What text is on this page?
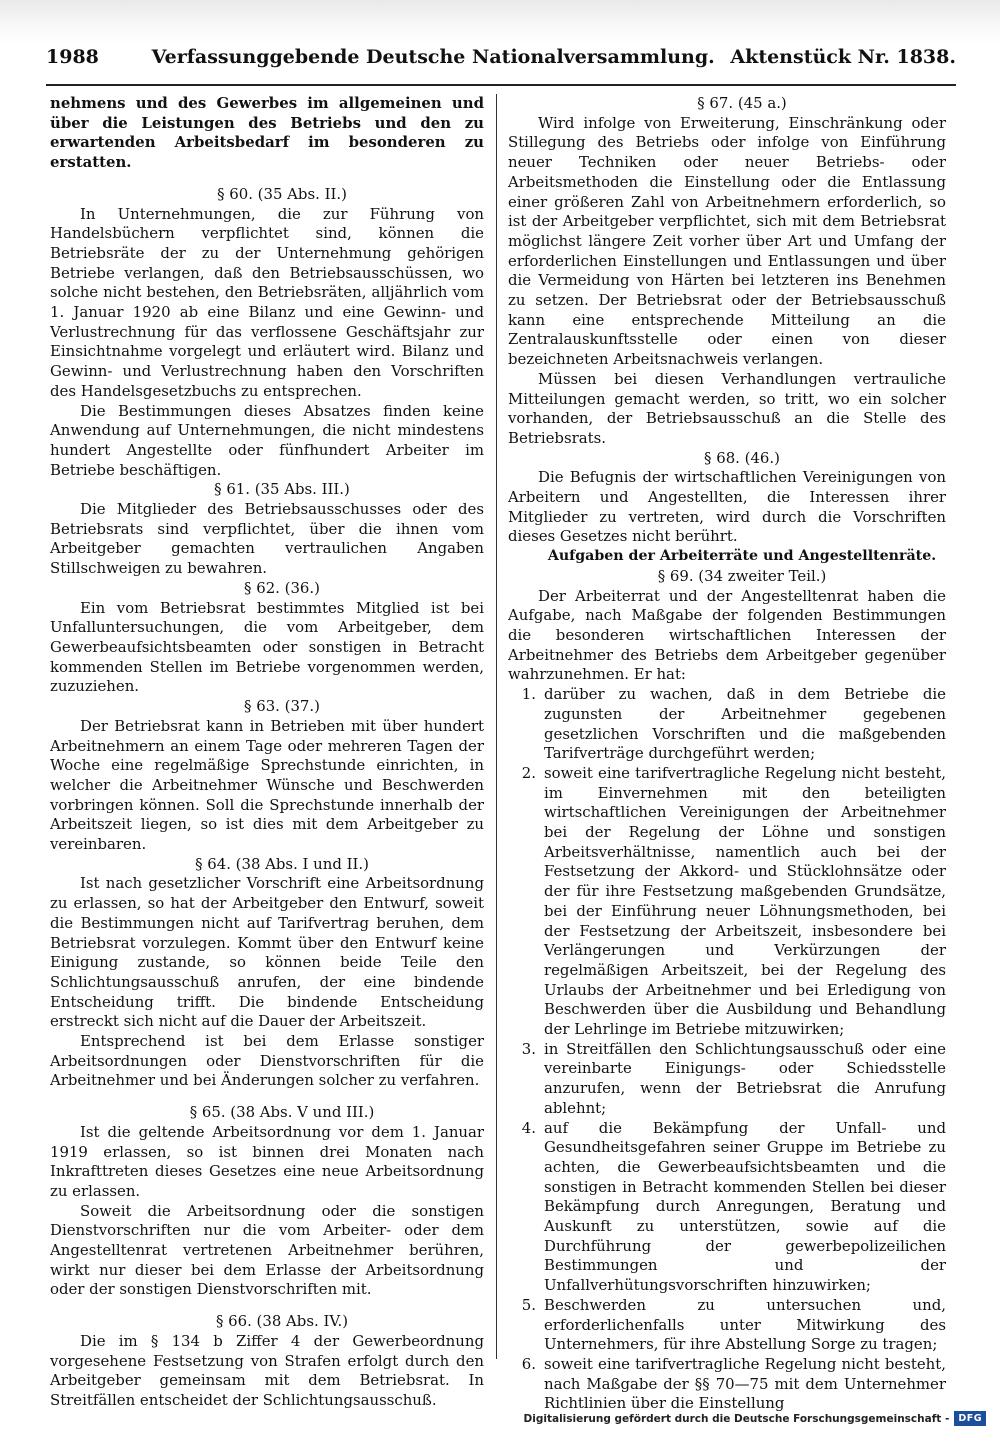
1988	Verfassunggebende Deutsche Nationalversammlung. Aktenstück Nr. 1838.

nehmens und des Gewerbes im allgemeinen und über die Leistungen des Betriebs und den zu erwartenden Arbeitsbedarf im besonderen zu erstatten.

§ 60. (35 Abs. II.)

In Unternehmungen, die zur Führung von Handelsbüchern verpflichtet sind, können die Betriebsräte der zu der Unternehmung gehörigen Betriebe verlangen, daß den Betriebsausschüssen, wo solche nicht bestehen, den Betriebsräten, alljährlich vom 1. Januar 1920 ab eine Bilanz und eine Gewinn- und Verlustrechnung für das verflossene Geschäftsjahr zur Einsichtnahme vorgelegt und erläutert wird. Bilanz und Gewinn- und Verlustrechnung haben den Vorschriften des Handelsgesetzbuchs zu entsprechen.

Die Bestimmungen dieses Absatzes finden keine Anwendung auf Unternehmungen, die nicht mindestens hundert Angestellte oder fünfhundert Arbeiter im Betriebe beschäftigen.

§ 61. (35 Abs. III.)

Die Mitglieder des Betriebsausschusses oder des Betriebsrats sind verpflichtet, über die ihnen vom Arbeitgeber gemachten vertraulichen Angaben Stillschweigen zu bewahren.

§ 62. (36.)

Ein vom Betriebsrat bestimmtes Mitglied ist bei Unfalluntersuchungen, die vom Arbeitgeber, dem Gewerbeaufsichtsbeamten oder sonstigen in Betracht kommenden Stellen im Betriebe vorgenommen werden, zuzuziehen.

§ 63. (37.)

Der Betriebsrat kann in Betrieben mit über hundert Arbeitnehmern an einem Tage oder mehreren Tagen der Woche eine regelmäßige Sprechstunde einrichten, in welcher die Arbeitnehmer Wünsche und Beschwerden vorbringen können. Soll die Sprechstunde innerhalb der Arbeitszeit liegen, so ist dies mit dem Arbeitgeber zu vereinbaren.

§ 64. (38 Abs. I und II.)

Ist nach gesetzlicher Vorschrift eine Arbeitsordnung zu erlassen, so hat der Arbeitgeber den Entwurf, soweit die Bestimmungen nicht auf Tarifvertrag beruhen, dem Betriebsrat vorzulegen. Kommt über den Entwurf keine Einigung zustande, so können beide Teile den Schlichtungsausschuß anrufen, der eine bindende Entscheidung trifft. Die bindende Entscheidung erstreckt sich nicht auf die Dauer der Arbeitszeit.

Entsprechend ist bei dem Erlasse sonstiger Arbeitsordnungen oder Dienstvorschriften für die Arbeitnehmer und bei Änderungen solcher zu verfahren.

§ 65. (38 Abs. V und III.)

Ist die geltende Arbeitsordnung vor dem 1. Januar 1919 erlassen, so ist binnen drei Monaten nach Inkrafttreten dieses Gesetzes eine neue Arbeitsordnung zu erlassen.

Soweit die Arbeitsordnung oder die sonstigen Dienstvorschriften nur die vom Arbeiter- oder dem Angestelltenrat vertretenen Arbeitnehmer berühren, wirkt nur dieser bei dem Erlasse der Arbeitsordnung oder der sonstigen Dienstvorschriften mit.

§ 66. (38 Abs. IV.)

Die im § 134 b Ziffer 4 der Gewerbeordnung vorgesehene Festsetzung von Strafen erfolgt durch den Arbeitgeber gemeinsam mit dem Betriebsrat. In Streitfällen entscheidet der Schlichtungsausschuß.

§ 67. (45 a.)

Wird infolge von Erweiterung, Einschränkung oder Stillegung des Betriebs oder infolge von Einführung neuer Techniken oder neuer Betriebs- oder Arbeitsmethoden die Einstellung oder die Entlassung einer größeren Zahl von Arbeitnehmern erforderlich, so ist der Arbeitgeber verpflichtet, sich mit dem Betriebsrat möglichst längere Zeit vorher über Art und Umfang der erforderlichen Einstellungen und Entlassungen und über die Vermeidung von Härten bei letzteren ins Benehmen zu setzen. Der Betriebsrat oder der Betriebsausschuß kann eine entsprechende Mitteilung an die Zentralauskunftsstelle oder einen von dieser bezeichneten Arbeitsnachweis verlangen.

Müssen bei diesen Verhandlungen vertrauliche Mitteilungen gemacht werden, so tritt, wo ein solcher vorhanden, der Betriebsausschuß an die Stelle des Betriebsrats.

§ 68. (46.)

Die Befugnis der wirtschaftlichen Vereinigungen von Arbeitern und Angestellten, die Interessen ihrer Mitglieder zu vertreten, wird durch die Vorschriften dieses Gesetzes nicht berührt.

Aufgaben der Arbeiterräte und Angestelltenräte.

§ 69. (34 zweiter Teil.)

Der Arbeiterrat und der Angestelltenrat haben die Aufgabe, nach Maßgabe der folgenden Bestimmungen die besonderen wirtschaftlichen Interessen der Arbeitnehmer des Betriebs dem Arbeitgeber gegenüber wahrzunehmen. Er hat:

1. darüber zu wachen, daß in dem Betriebe die zugunsten der Arbeitnehmer gegebenen gesetzlichen Vorschriften und die maßgebenden Tarifverträge durchgeführt werden;
2. soweit eine tarifvertragliche Regelung nicht besteht, im Einvernehmen mit den beteiligten wirtschaftlichen Vereinigungen der Arbeitnehmer bei der Regelung der Löhne und sonstigen Arbeitsverhältnisse, namentlich auch bei der Festsetzung der Akkord- und Stücklohnsätze oder der für ihre Festsetzung maßgebenden Grundsätze, bei der Einführung neuer Löhnungsmethoden, bei der Festsetzung der Arbeitszeit, insbesondere bei Verlängerungen und Verkürzungen der regelmäßigen Arbeitszeit, bei der Regelung des Urlaubs der Arbeitnehmer und bei Erledigung von Beschwerden über die Ausbildung und Behandlung der Lehrlinge im Betriebe mitzuwirken;
3. in Streitfällen den Schlichtungsausschuß oder eine vereinbarte Einigungs- oder Schiedsstelle anzurufen, wenn der Betriebsrat die Anrufung ablehnt;
4. auf die Bekämpfung der Unfall- und Gesundheitsgefahren seiner Gruppe im Betriebe zu achten, die Gewerbeaufsichtsbeamten und die sonstigen in Betracht kommenden Stellen bei dieser Bekämpfung durch Anregungen, Beratung und Auskunft zu unterstützen, sowie auf die Durchführung der gewerbepolizeilichen Bestimmungen und der Unfallverhütungsvorschriften hinzuwirken;
5. Beschwerden zu untersuchen und, erforderlichenfalls unter Mitwirkung des Unternehmers, für ihre Abstellung Sorge zu tragen;
6. soweit eine tarifvertragliche Regelung nicht besteht, nach Maßgabe der §§ 70—75 mit dem Unternehmer Richtlinien über die Einstellung
Digitalisierung gefördert durch die Deutsche Forschungsgemeinschaft - DFG
